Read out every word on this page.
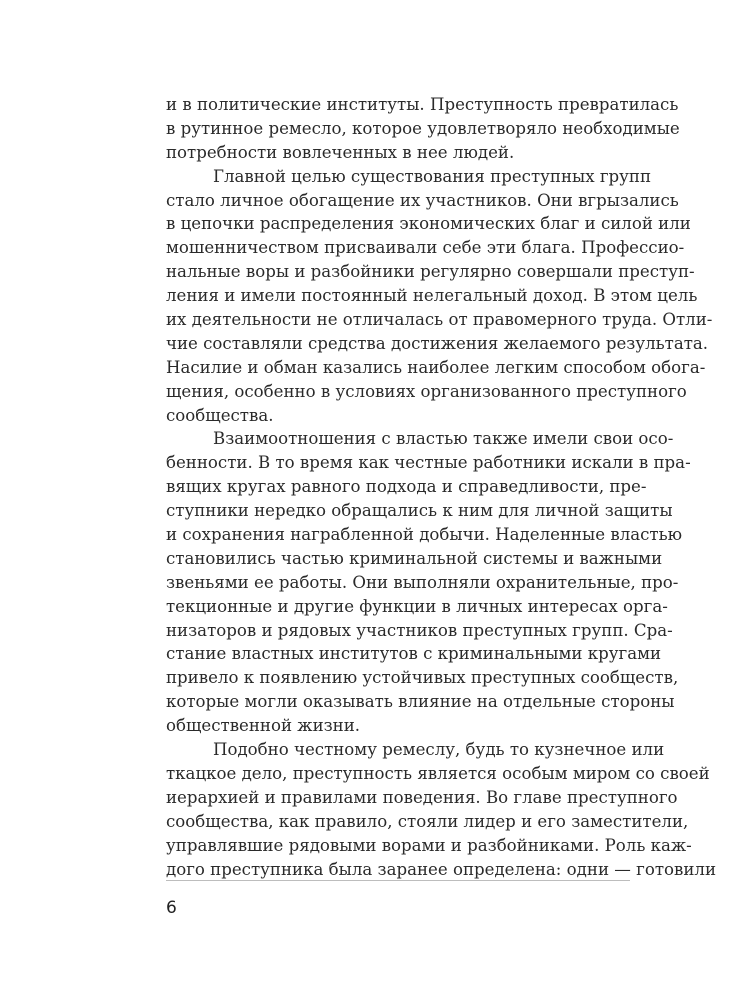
и в политические институты. Преступность превратилась
в рутинное ремесло, которое удовлетворяло необходимые
потребности вовлеченных в нее людей.
Главной целью существования преступных групп
стало личное обогащение их участников. Они вгрызались
в цепочки распределения экономических благ и силой или
мошенничеством присваивали себе эти блага. Профессио-
нальные воры и разбойники регулярно совершали преступ-
ления и имели постоянный нелегальный доход. В этом цель
их деятельности не отличалась от правомерного труда. Отли-
чие составляли средства достижения желаемого результата.
Насилие и обман казались наиболее легким способом обога-
щения, особенно в условиях организованного преступного
сообщества.
Взаимоотношения с властью также имели свои осо-
бенности. В то время как честные работники искали в пра-
вящих кругах равного подхода и справедливости, пре-
ступники нередко обращались к ним для личной защиты
и сохранения награбленной добычи. Наделенные властью
становились частью криминальной системы и важными
звеньями ее работы. Они выполняли охранительные, про-
текционные и другие функции в личных интересах орга-
низаторов и рядовых участников преступных групп. Сра-
стание властных институтов с криминальными кругами
привело к появлению устойчивых преступных сообществ,
которые могли оказывать влияние на отдельные стороны
общественной жизни.
Подобно честному ремеслу, будь то кузнечное или
ткацкое дело, преступность является особым миром со своей
иерархией и правилами поведения. Во главе преступного
сообщества, как правило, стояли лидер и его заместители,
управлявшие рядовыми ворами и разбойниками. Роль каж-
дого преступника была заранее определена: одни — готовили
6
